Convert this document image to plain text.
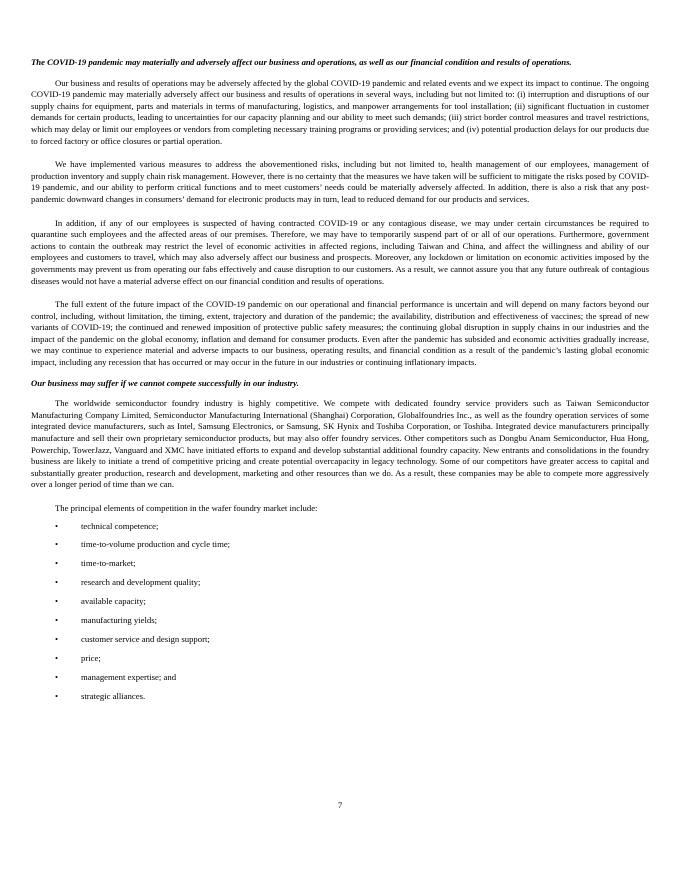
The COVID-19 pandemic may materially and adversely affect our business and operations, as well as our financial condition and results of operations.

Our business and results of operations may be adversely affected by the global COVID-19 pandemic and related events and we expect its impact to continue. The ongoing COVID-19 pandemic may materially adversely affect our business and results of operations in several ways, including but not limited to: (i) interruption and disruptions of our supply chains for equipment, parts and materials in terms of manufacturing, logistics, and manpower arrangements for tool installation; (ii) significant fluctuation in customer demands for certain products, leading to uncertainties for our capacity planning and our ability to meet such demands; (iii) strict border control measures and travel restrictions, which may delay or limit our employees or vendors from completing necessary training programs or providing services; and (iv) potential production delays for our products due to forced factory or office closures or partial operation.

We have implemented various measures to address the abovementioned risks, including but not limited to, health management of our employees, management of production inventory and supply chain risk management. However, there is no certainty that the measures we have taken will be sufficient to mitigate the risks posed by COVID-19 pandemic, and our ability to perform critical functions and to meet customers’ needs could be materially adversely affected. In addition, there is also a risk that any post-pandemic downward changes in consumers’ demand for electronic products may in turn, lead to reduced demand for our products and services.

In addition, if any of our employees is suspected of having contracted COVID-19 or any contagious disease, we may under certain circumstances be required to quarantine such employees and the affected areas of our premises. Therefore, we may have to temporarily suspend part of or all of our operations. Furthermore, government actions to contain the outbreak may restrict the level of economic activities in affected regions, including Taiwan and China, and affect the willingness and ability of our employees and customers to travel, which may also adversely affect our business and prospects. Moreover, any lockdown or limitation on economic activities imposed by the governments may prevent us from operating our fabs effectively and cause disruption to our customers. As a result, we cannot assure you that any future outbreak of contagious diseases would not have a material adverse effect on our financial condition and results of operations.

The full extent of the future impact of the COVID-19 pandemic on our operational and financial performance is uncertain and will depend on many factors beyond our control, including, without limitation, the timing, extent, trajectory and duration of the pandemic; the availability, distribution and effectiveness of vaccines; the spread of new variants of COVID-19; the continued and renewed imposition of protective public safety measures; the continuing global disruption in supply chains in our industries and the impact of the pandemic on the global economy, inflation and demand for consumer products. Even after the pandemic has subsided and economic activities gradually increase, we may continue to experience material and adverse impacts to our business, operating results, and financial condition as a result of the pandemic’s lasting global economic impact, including any recession that has occurred or may occur in the future in our industries or continuing inflationary impacts.

Our business may suffer if we cannot compete successfully in our industry.

The worldwide semiconductor foundry industry is highly competitive. We compete with dedicated foundry service providers such as Taiwan Semiconductor Manufacturing Company Limited, Semiconductor Manufacturing International (Shanghai) Corporation, Globalfoundries Inc., as well as the foundry operation services of some integrated device manufacturers, such as Intel, Samsung Electronics, or Samsung, SK Hynix and Toshiba Corporation, or Toshiba. Integrated device manufacturers principally manufacture and sell their own proprietary semiconductor products, but may also offer foundry services. Other competitors such as Dongbu Anam Semiconductor, Hua Hong, Powerchip, TowerJazz, Vanguard and XMC have initiated efforts to expand and develop substantial additional foundry capacity. New entrants and consolidations in the foundry business are likely to initiate a trend of competitive pricing and create potential overcapacity in legacy technology. Some of our competitors have greater access to capital and substantially greater production, research and development, marketing and other resources than we do. As a result, these companies may be able to compete more aggressively over a longer period of time than we can.

The principal elements of competition in the wafer foundry market include:

•	technical competence;
•	time-to-volume production and cycle time;
•	time-to-market;
•	research and development quality;
•	available capacity;
•	manufacturing yields;
•	customer service and design support;
•	price;
•	management expertise; and
•	strategic alliances.
7
